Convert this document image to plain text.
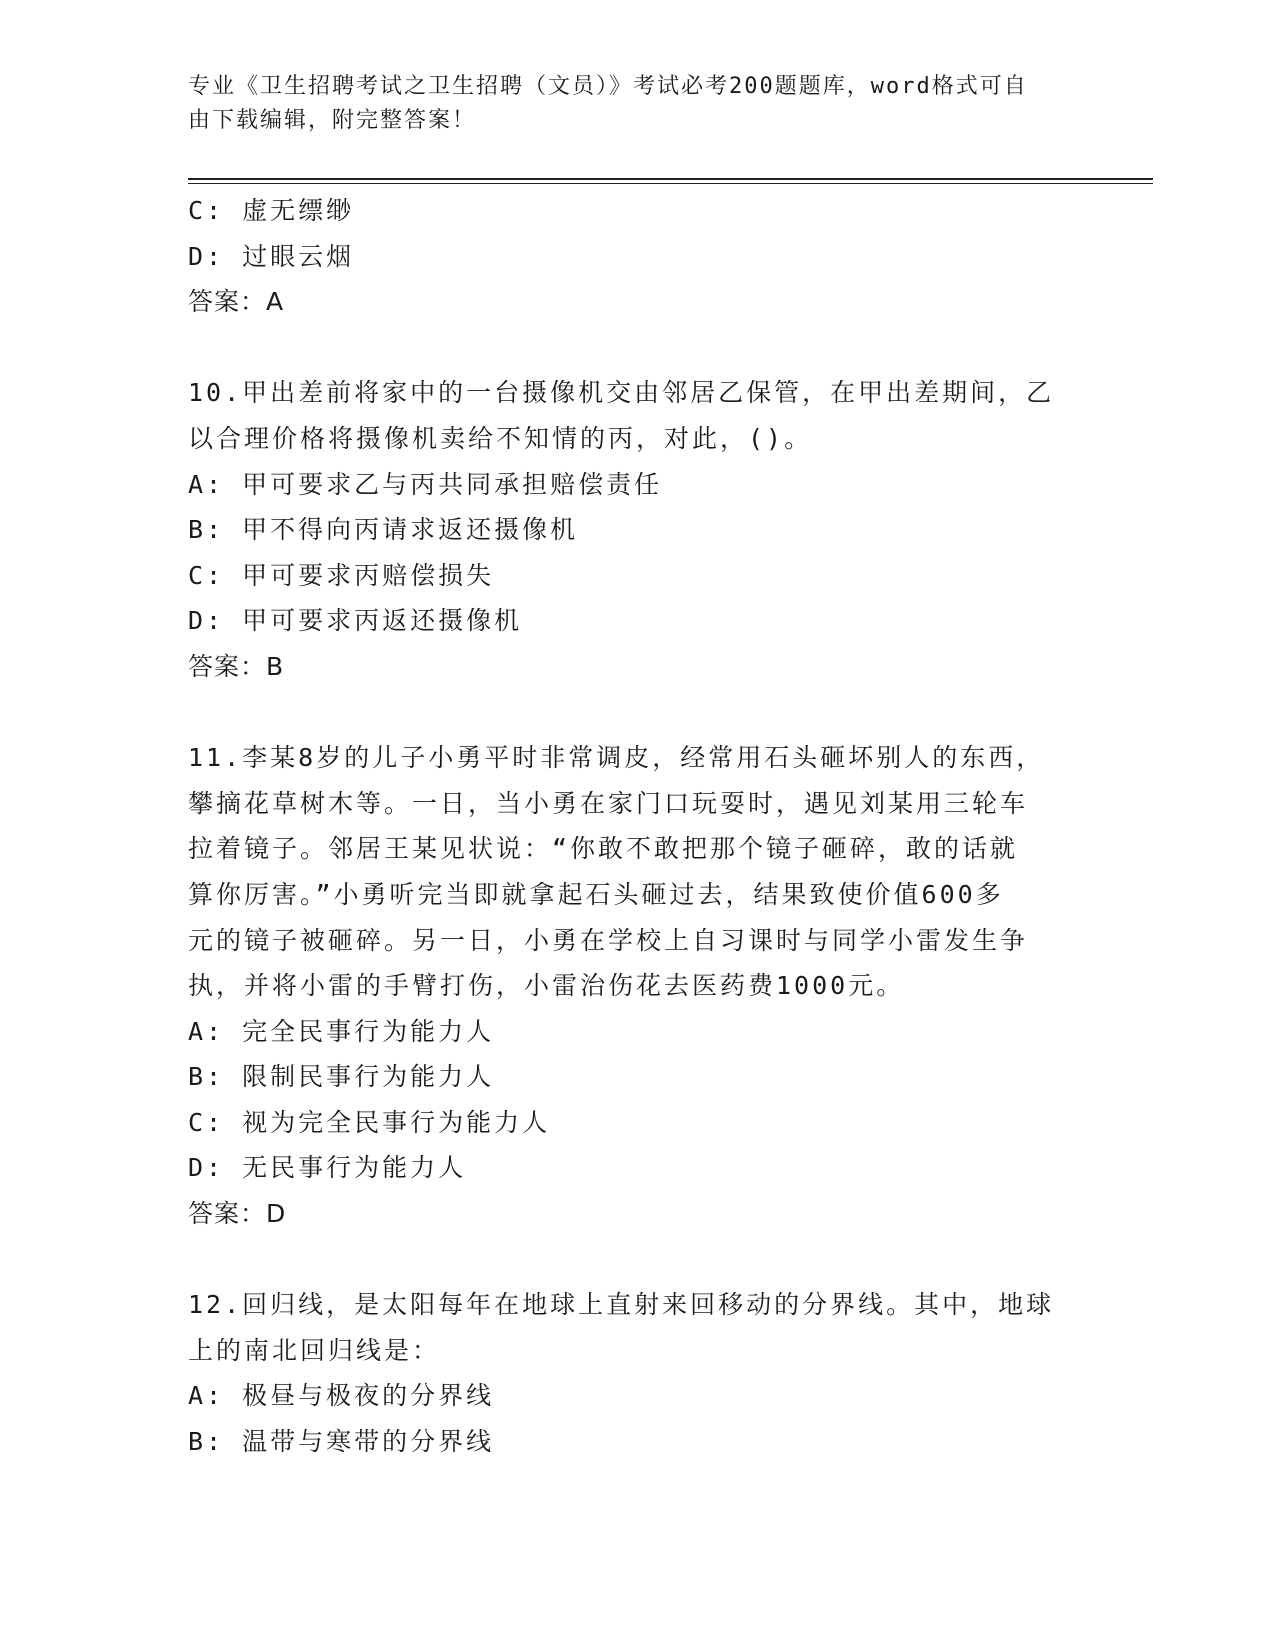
专业《卫生招聘考试之卫生招聘（文员）》考试必考200题题库，word格式可自
由下载编辑，附完整答案！
C: 虚无缥缈
D: 过眼云烟
答案：A
10.甲出差前将家中的一台摄像机交由邻居乙保管，在甲出差期间，乙
以合理价格将摄像机卖给不知情的丙，对此，()。
A: 甲可要求乙与丙共同承担赔偿责任
B: 甲不得向丙请求返还摄像机
C: 甲可要求丙赔偿损失
D: 甲可要求丙返还摄像机
答案：B
11.李某8岁的儿子小勇平时非常调皮，经常用石头砸坏别人的东西，
攀摘花草树木等。一日，当小勇在家门口玩耍时，遇见刘某用三轮车
拉着镜子。邻居王某见状说：“你敢不敢把那个镜子砸碎，敢的话就
算你厉害。”小勇听完当即就拿起石头砸过去，结果致使价值600多
元的镜子被砸碎。另一日，小勇在学校上自习课时与同学小雷发生争
执，并将小雷的手臂打伤，小雷治伤花去医药费1000元。
A: 完全民事行为能力人
B: 限制民事行为能力人
C: 视为完全民事行为能力人
D: 无民事行为能力人
答案：D
12.回归线，是太阳每年在地球上直射来回移动的分界线。其中，地球
上的南北回归线是：
A: 极昼与极夜的分界线
B: 温带与寒带的分界线
